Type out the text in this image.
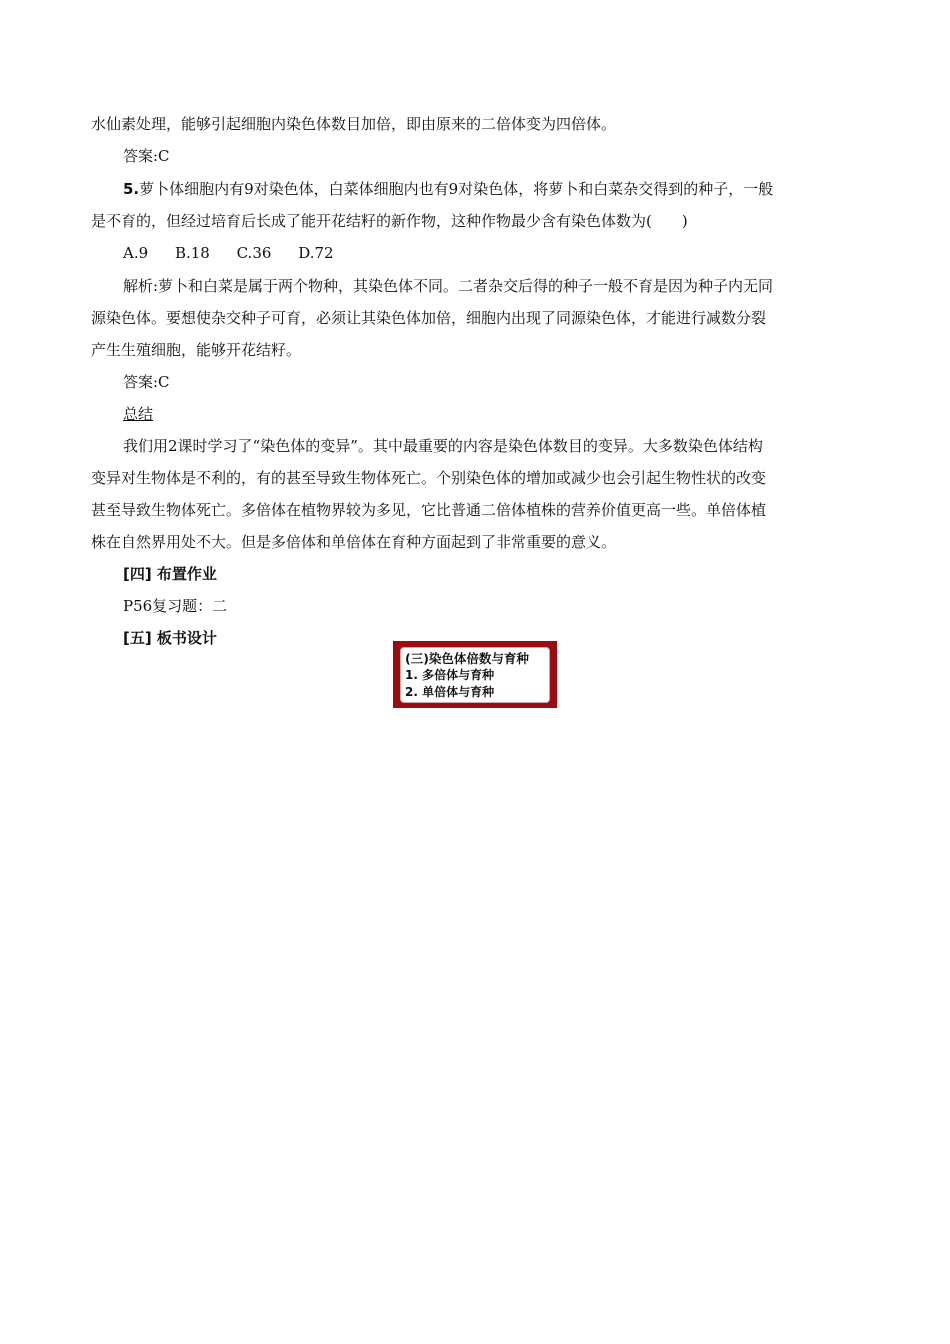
水仙素处理，能够引起细胞内染色体数目加倍，即由原来的二倍体变为四倍体。
答案:C
5.萝卜体细胞内有9对染色体，白菜体细胞内也有9对染色体，将萝卜和白菜杂交得到的种子，一般
是不育的，但经过培育后长成了能开花结籽的新作物，这种作物最少含有染色体数为(　　)
A.9 B.18 C.36 D.72
解析:萝卜和白菜是属于两个物种，其染色体不同。二者杂交后得的种子一般不育是因为种子内无同
源染色体。要想使杂交种子可育，必须让其染色体加倍，细胞内出现了同源染色体，才能进行减数分裂
产生生殖细胞，能够开花结籽。
答案:C
总结
我们用2课时学习了“染色体的变异”。其中最重要的内容是染色体数目的变异。大多数染色体结构
变异对生物体是不利的，有的甚至导致生物体死亡。个别染色体的增加或减少也会引起生物性状的改变
甚至导致生物体死亡。多倍体在植物界较为多见，它比普通二倍体植株的营养价值更高一些。单倍体植
株在自然界用处不大。但是多倍体和单倍体在育种方面起到了非常重要的意义。
[四] 布置作业
P56复习题：二
[五] 板书设计
(三)染色体倍数与育种
1. 多倍体与育种
2. 单倍体与育种
